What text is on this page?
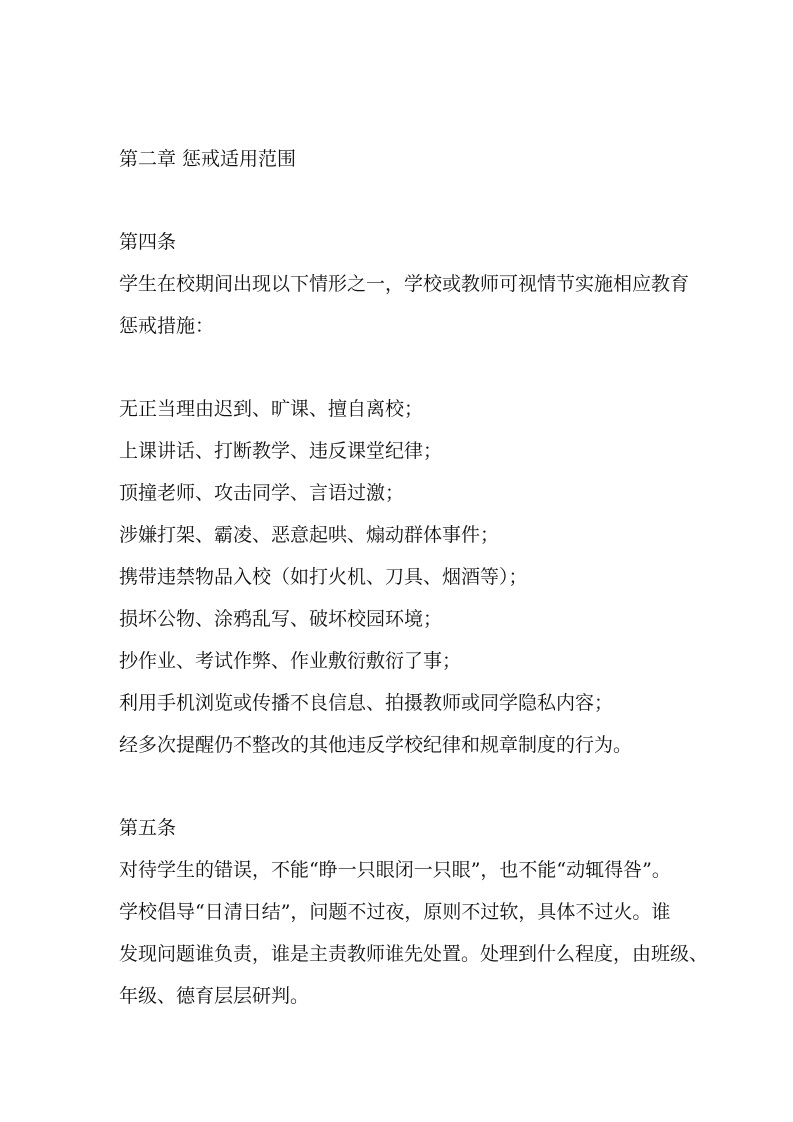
第二章 惩戒适用范围
第四条
学生在校期间出现以下情形之一，学校或教师可视情节实施相应教育
惩戒措施：
无正当理由迟到、旷课、擅自离校；
上课讲话、打断教学、违反课堂纪律；
顶撞老师、攻击同学、言语过激；
涉嫌打架、霸凌、恶意起哄、煽动群体事件；
携带违禁物品入校（如打火机、刀具、烟酒等）；
损坏公物、涂鸦乱写、破坏校园环境；
抄作业、考试作弊、作业敷衍敷衍了事；
利用手机浏览或传播不良信息、拍摄教师或同学隐私内容；
经多次提醒仍不整改的其他违反学校纪律和规章制度的行为。
第五条
对待学生的错误，不能“睁一只眼闭一只眼”，也不能“动辄得咎”。
学校倡导“日清日结”，问题不过夜，原则不过软，具体不过火。谁
发现问题谁负责，谁是主责教师谁先处置。处理到什么程度，由班级、
年级、德育层层研判。
